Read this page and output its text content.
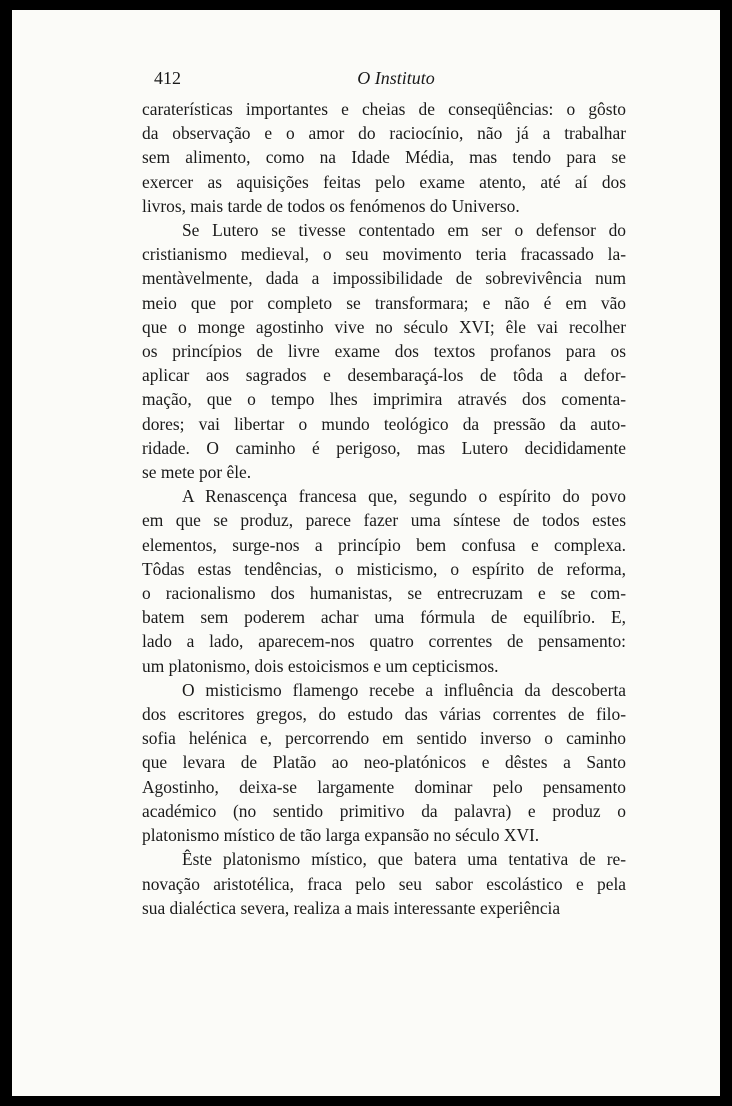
412	O Instituto

caraterísticas importantes e cheias de conseqüências: o gôsto
da observação e o amor do raciocínio, não já a trabalhar
sem alimento, como na Idade Média, mas tendo para se
exercer as aquisições feitas pelo exame atento, até aí dos
livros, mais tarde de todos os fenómenos do Universo.

Se Lutero se tivesse contentado em ser o defensor do
cristianismo medieval, o seu movimento teria fracassado la-
mentàvelmente, dada a impossibilidade de sobrevivência num
meio que por completo se transformara; e não é em vão
que o monge agostinho vive no século XVI; êle vai recolher
os princípios de livre exame dos textos profanos para os
aplicar aos sagrados e desembaraçá-los de tôda a defor-
mação, que o tempo lhes imprimira através dos comenta-
dores; vai libertar o mundo teológico da pressão da auto-
ridade. O caminho é perigoso, mas Lutero decididamente
se mete por êle.

A Renascença francesa que, segundo o espírito do povo
em que se produz, parece fazer uma síntese de todos estes
elementos, surge-nos a princípio bem confusa e complexa.
Tôdas estas tendências, o misticismo, o espírito de reforma,
o racionalismo dos humanistas, se entrecruzam e se com-
batem sem poderem achar uma fórmula de equilíbrio. E,
lado a lado, aparecem-nos quatro correntes de pensamento:
um platonismo, dois estoicismos e um cepticismos.

O misticismo flamengo recebe a influência da descoberta
dos escritores gregos, do estudo das várias correntes de filo-
sofia helénica e, percorrendo em sentido inverso o caminho
que levara de Platão ao neo-platónicos e dêstes a Santo
Agostinho, deixa-se largamente dominar pelo pensamento
académico (no sentido primitivo da palavra) e produz o
platonismo místico de tão larga expansão no século XVI.

Êste platonismo místico, que batera uma tentativa de re-
novação aristotélica, fraca pelo seu sabor escolástico e pela
sua dialéctica severa, realiza a mais interessante experiência
